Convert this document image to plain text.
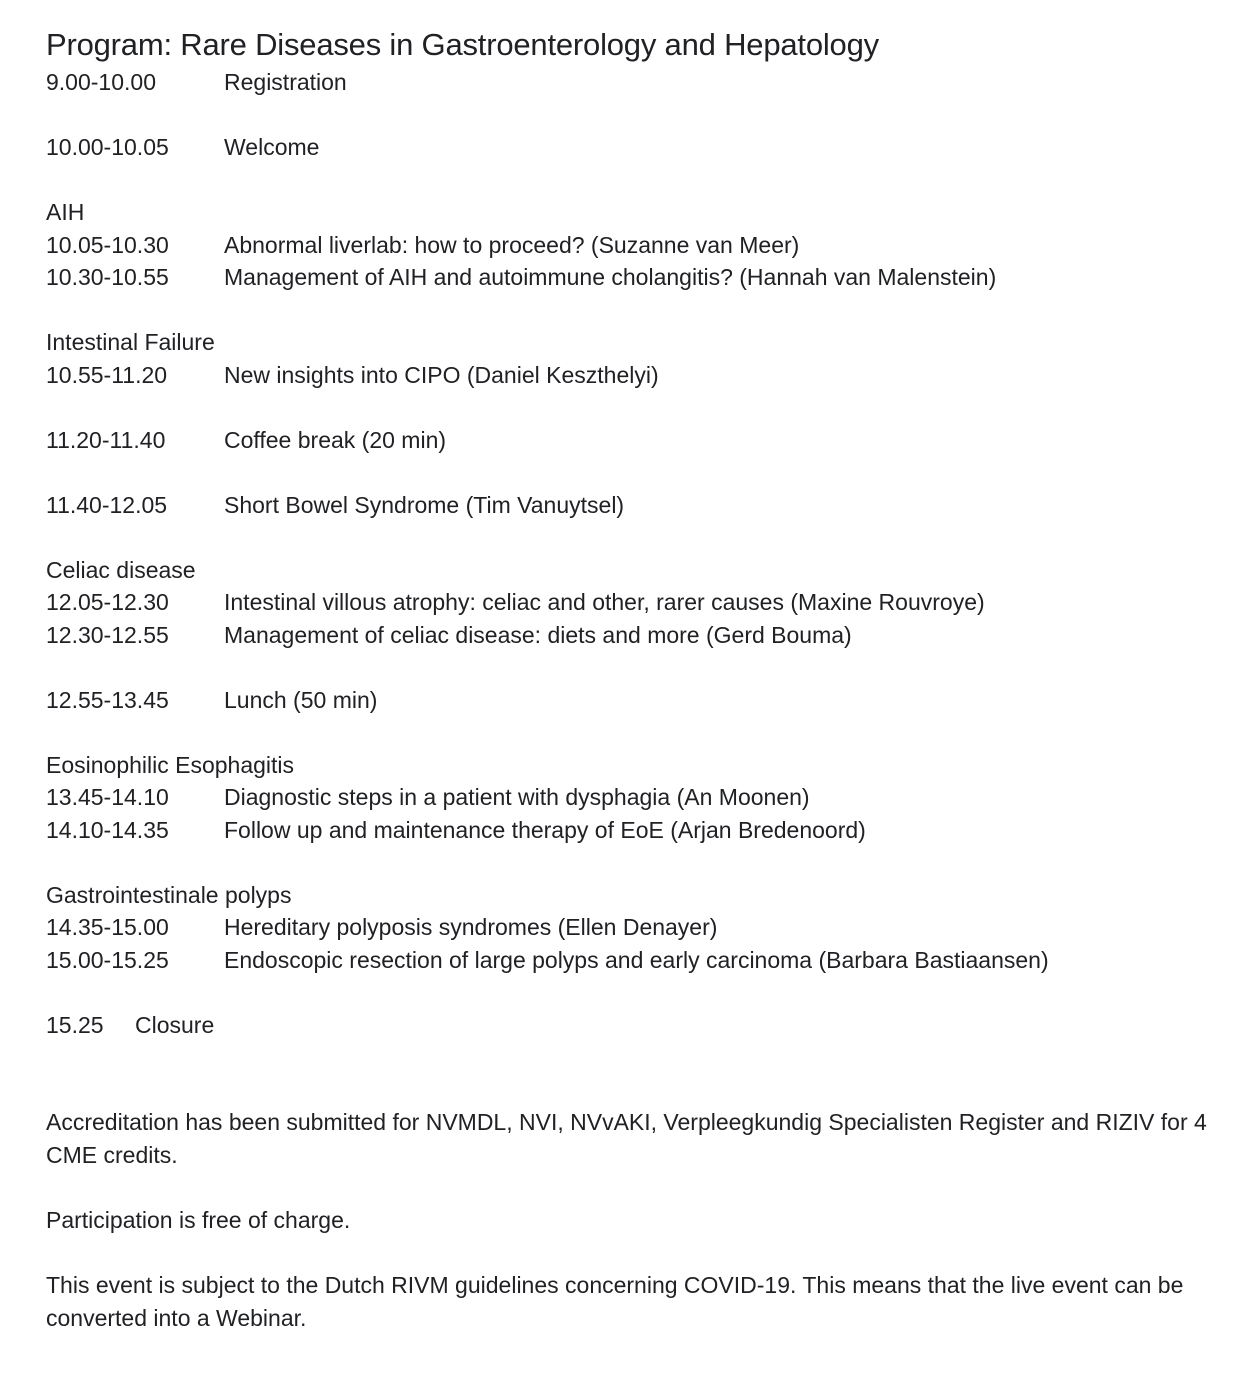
Program: Rare Diseases in Gastroenterology and Hepatology
9.00-10.00	Registration
10.00-10.05	Welcome
AIH
10.05-10.30	Abnormal liverlab: how to proceed? (Suzanne van Meer)
10.30-10.55	Management of AIH and autoimmune cholangitis? (Hannah van Malenstein)
Intestinal Failure
10.55-11.20	New insights into CIPO (Daniel Keszthelyi)
11.20-11.40	Coffee break (20 min)
11.40-12.05	Short Bowel Syndrome (Tim Vanuytsel)
Celiac disease
12.05-12.30	Intestinal villous atrophy: celiac and other, rarer causes (Maxine Rouvroye)
12.30-12.55	Management of celiac disease: diets and more (Gerd Bouma)
12.55-13.45	Lunch (50 min)
Eosinophilic Esophagitis
13.45-14.10	Diagnostic steps in a patient with dysphagia (An Moonen)
14.10-14.35	Follow up and maintenance therapy of EoE (Arjan Bredenoord)
Gastrointestinale polyps
14.35-15.00	Hereditary polyposis syndromes (Ellen Denayer)
15.00-15.25	Endoscopic resection of large polyps and early carcinoma (Barbara Bastiaansen)
15.25	Closure

Accreditation has been submitted for NVMDL, NVI, NVvAKI, Verpleegkundig Specialisten Register and RIZIV for 4 CME credits.

Participation is free of charge.

This event is subject to the Dutch RIVM guidelines concerning COVID-19. This means that the live event can be converted into a Webinar.
